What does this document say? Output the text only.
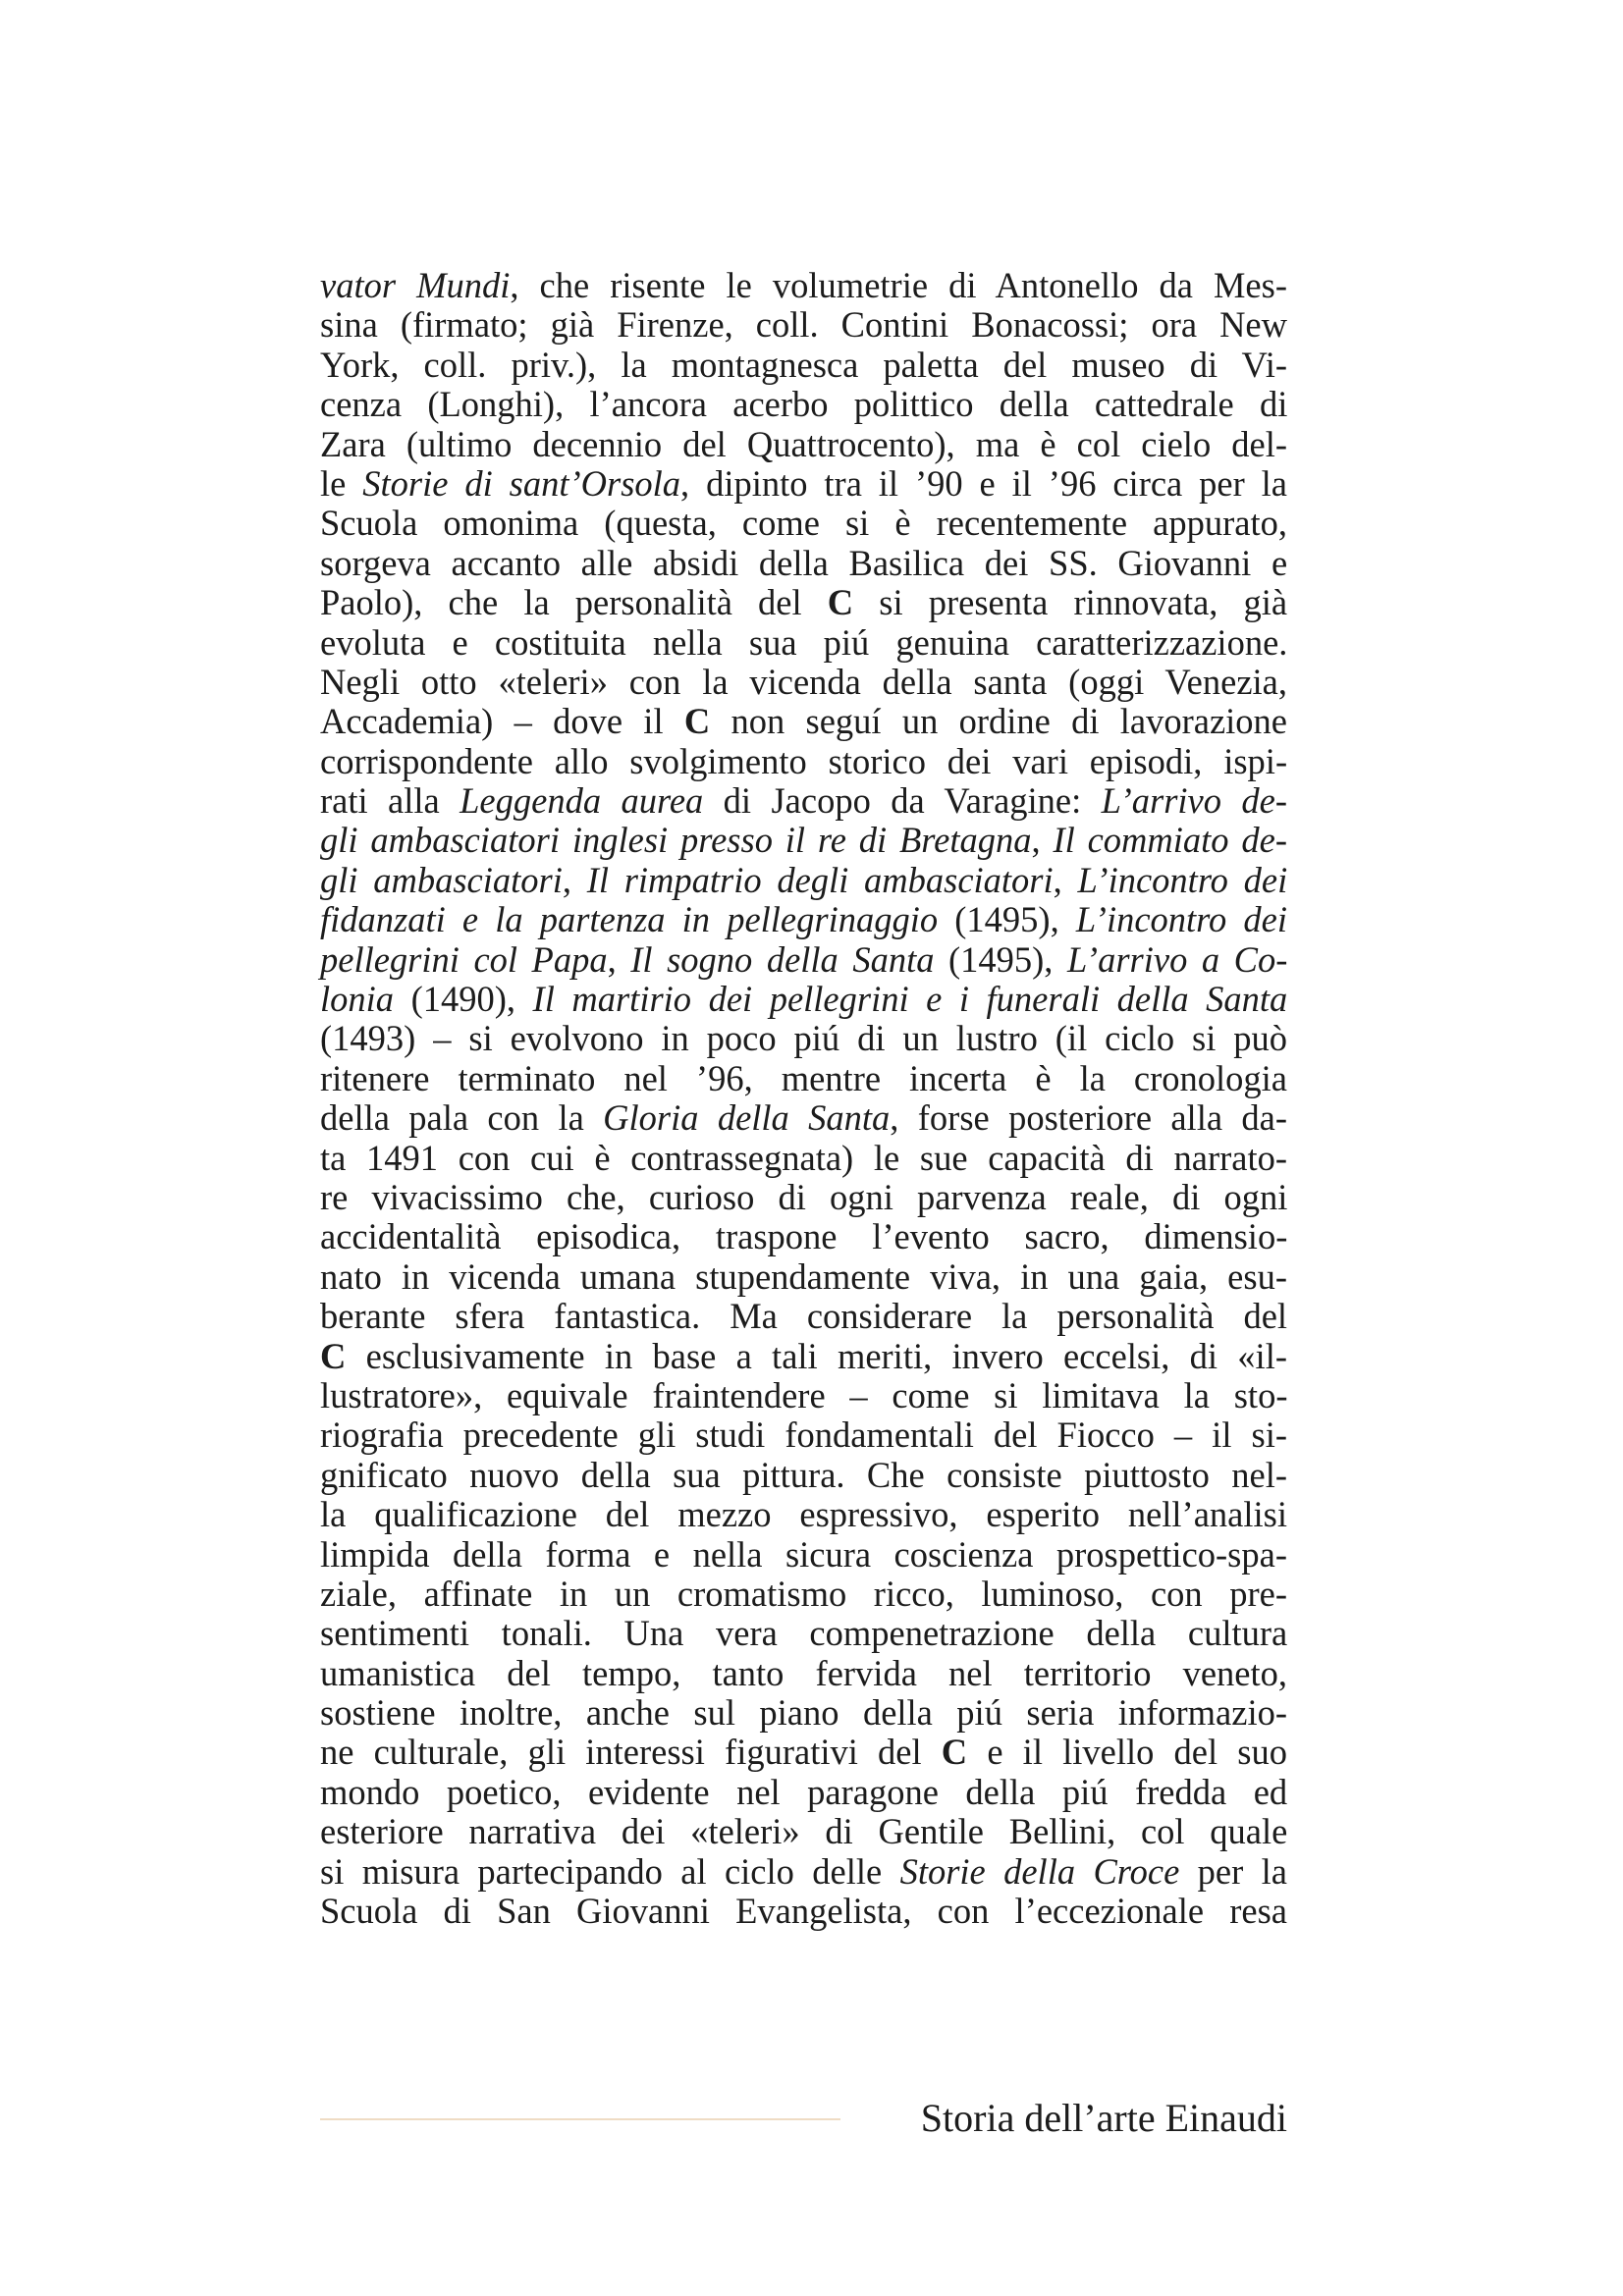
vator Mundi, che risente le volumetrie di Antonello da Mes-
sina (firmato; già Firenze, coll. Contini Bonacossi; ora New
York, coll. priv.), la montagnesca paletta del museo di Vi-
cenza (Longhi), l’ancora acerbo polittico della cattedrale di
Zara (ultimo decennio del Quattrocento), ma è col cielo del-
le Storie di sant’Orsola, dipinto tra il ’90 e il ’96 circa per la
Scuola omonima (questa, come si è recentemente appurato,
sorgeva accanto alle absidi della Basilica dei SS. Giovanni e
Paolo), che la personalità del C si presenta rinnovata, già
evoluta e costituita nella sua piú genuina caratterizzazione.
Negli otto «teleri» con la vicenda della santa (oggi Venezia,
Accademia) – dove il C non seguí un ordine di lavorazione
corrispondente allo svolgimento storico dei vari episodi, ispi-
rati alla Leggenda aurea di Jacopo da Varagine: L’arrivo de-
gli ambasciatori inglesi presso il re di Bretagna, Il commiato de-
gli ambasciatori, Il rimpatrio degli ambasciatori, L’incontro dei
fidanzati e la partenza in pellegrinaggio (1495), L’incontro dei
pellegrini col Papa, Il sogno della Santa (1495), L’arrivo a Co-
lonia (1490), Il martirio dei pellegrini e i funerali della Santa
(1493) – si evolvono in poco piú di un lustro (il ciclo si può
ritenere terminato nel ’96, mentre incerta è la cronologia
della pala con la Gloria della Santa, forse posteriore alla da-
ta 1491 con cui è contrassegnata) le sue capacità di narrato-
re vivacissimo che, curioso di ogni parvenza reale, di ogni
accidentalità episodica, traspone l’evento sacro, dimensio-
nato in vicenda umana stupendamente viva, in una gaia, esu-
berante sfera fantastica. Ma considerare la personalità del
C esclusivamente in base a tali meriti, invero eccelsi, di «il-
lustratore», equivale fraintendere – come si limitava la sto-
riografia precedente gli studi fondamentali del Fiocco – il si-
gnificato nuovo della sua pittura. Che consiste piuttosto nel-
la qualificazione del mezzo espressivo, esperito nell’analisi
limpida della forma e nella sicura coscienza prospettico-spa-
ziale, affinate in un cromatismo ricco, luminoso, con pre-
sentimenti tonali. Una vera compenetrazione della cultura
umanistica del tempo, tanto fervida nel territorio veneto,
sostiene inoltre, anche sul piano della piú seria informazio-
ne culturale, gli interessi figurativi del C e il livello del suo
mondo poetico, evidente nel paragone della piú fredda ed
esteriore narrativa dei «teleri» di Gentile Bellini, col quale
si misura partecipando al ciclo delle Storie della Croce per la
Scuola di San Giovanni Evangelista, con l’eccezionale resa
Storia dell’arte Einaudi
